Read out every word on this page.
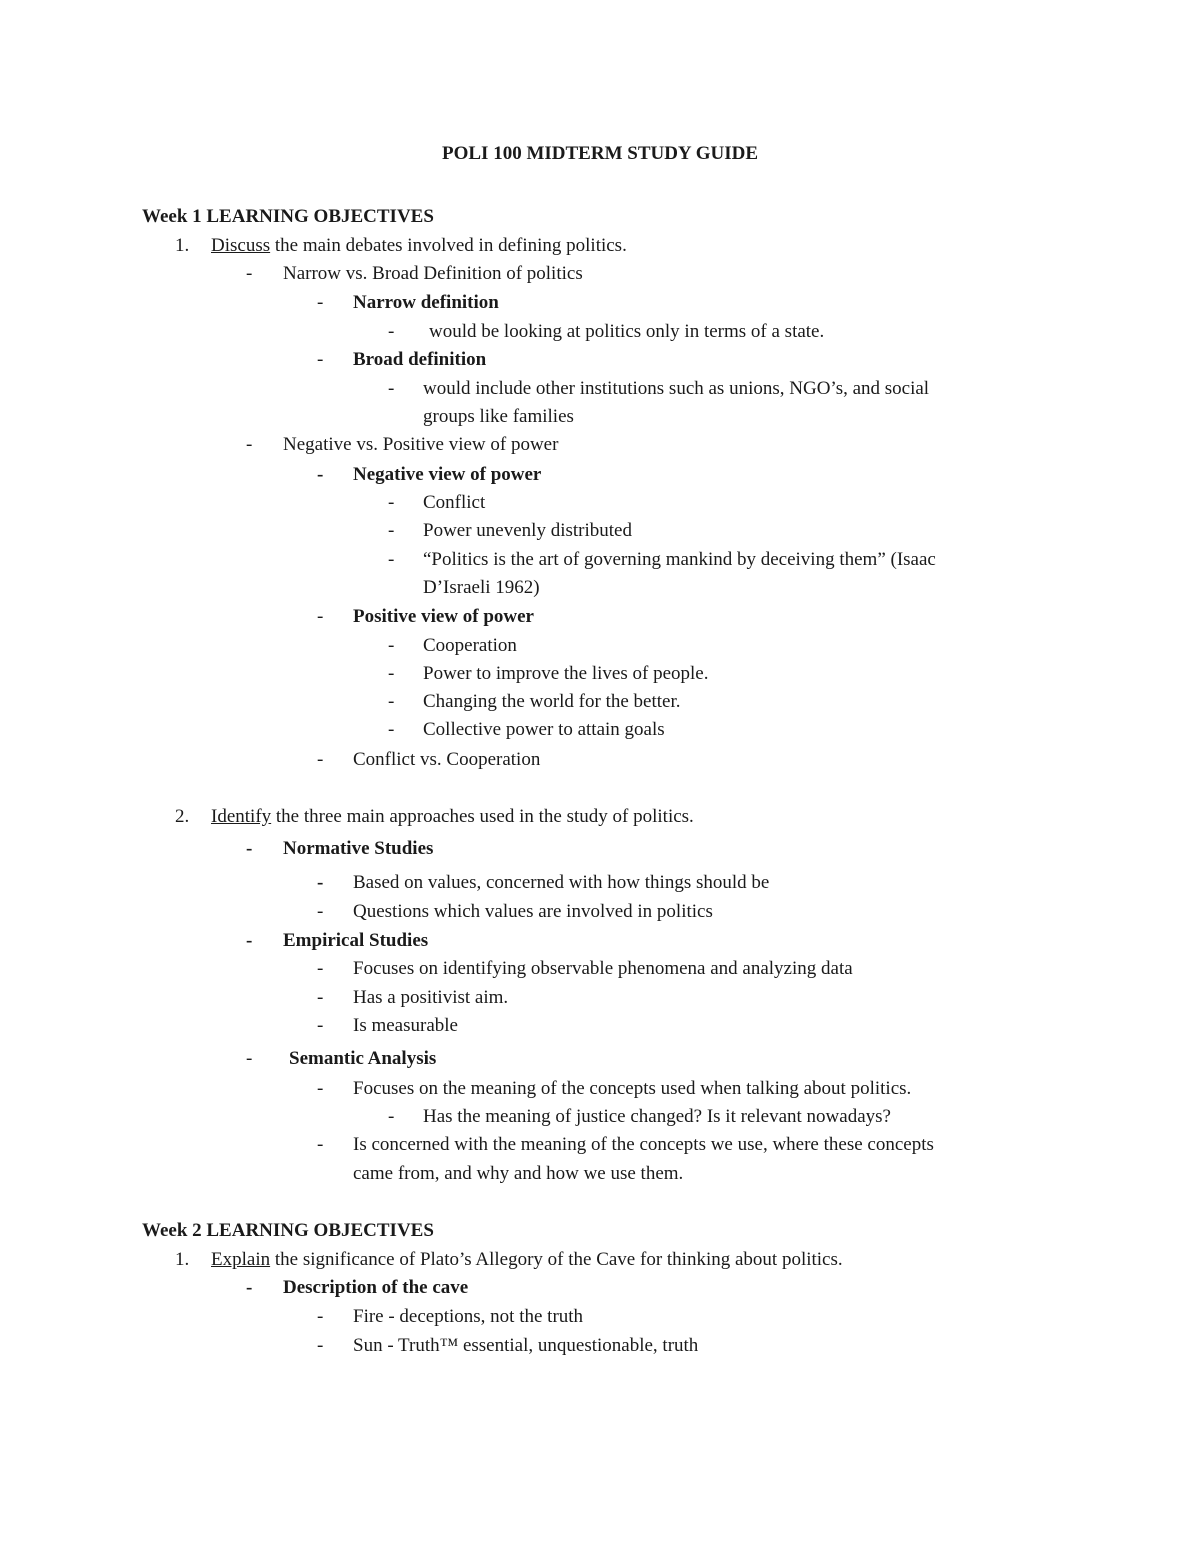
POLI 100 MIDTERM STUDY GUIDE
Week 1 LEARNING OBJECTIVES
1. Discuss the main debates involved in defining politics.
- Narrow vs. Broad Definition of politics
- Narrow definition
- would be looking at politics only in terms of a state.
- Broad definition
- would include other institutions such as unions, NGO’s, and social
groups like families
- Negative vs. Positive view of power
- Negative view of power
- Conflict
- Power unevenly distributed
- “Politics is the art of governing mankind by deceiving them” (Isaac
D’Israeli 1962)
- Positive view of power
- Cooperation
- Power to improve the lives of people.
- Changing the world for the better.
- Collective power to attain goals
- Conflict vs. Cooperation
2. Identify the three main approaches used in the study of politics.
- Normative Studies
- Based on values, concerned with how things should be
- Questions which values are involved in politics
- Empirical Studies
- Focuses on identifying observable phenomena and analyzing data
- Has a positivist aim.
- Is measurable
- Semantic Analysis
- Focuses on the meaning of the concepts used when talking about politics.
- Has the meaning of justice changed? Is it relevant nowadays?
- Is concerned with the meaning of the concepts we use, where these concepts
came from, and why and how we use them.
Week 2 LEARNING OBJECTIVES
1. Explain the significance of Plato’s Allegory of the Cave for thinking about politics.
- Description of the cave
- Fire - deceptions, not the truth
- Sun - Truth™ essential, unquestionable, truth
